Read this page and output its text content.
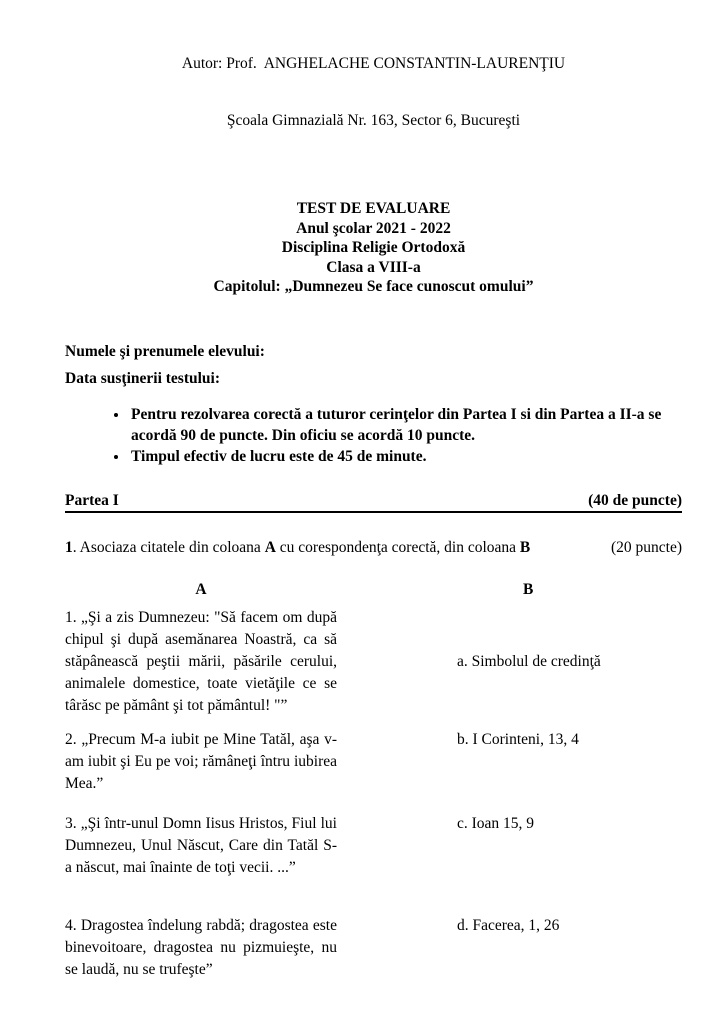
Autor: Prof.  ANGHELACHE CONSTANTIN-LAURENŢIU

Şcoala Gimnazială Nr. 163, Sector 6, Bucureşti

TEST DE EVALUARE
Anul şcolar 2021 - 2022
Disciplina Religie Ortodoxă
Clasa a VIII-a
Capitolul: „Dumnezeu Se face cunoscut omului”
Numele şi prenumele elevului:
Data susţinerii testului:
• Pentru rezolvarea corectă a tuturor cerinţelor din Partea I si din Partea a II-a se acordă 90 de puncte. Din oficiu se acordă 10 puncte.
• Timpul efectiv de lucru este de 45 de minute.
Partea I	(40 de puncte)
1. Asociaza citatele din coloana A cu corespondenţa corectă, din coloana B	(20 puncte)
A	B
1. „Şi a zis Dumnezeu: "Să facem om după chipul şi după asemănarea Noastră, ca să stăpânească peştii mării, păsările cerului, animalele domestice, toate vietăţile ce se târăsc pe pământ şi tot pământul! "”
a. Simbolul de credinţă
2. „Precum M-a iubit pe Mine Tatăl, aşa v-am iubit şi Eu pe voi; rămâneţi întru iubirea Mea.”
b. I Corinteni, 13, 4
3. „Şi într-unul Domn Iisus Hristos, Fiul lui Dumnezeu, Unul Născut, Care din Tatăl S-a născut, mai înainte de toţi vecii. ...”
c. Ioan 15, 9
4. Dragostea îndelung rabdă; dragostea este binevoitoare, dragostea nu pizmuieşte, nu se laudă, nu se trufeşte”
d. Facerea, 1, 26
